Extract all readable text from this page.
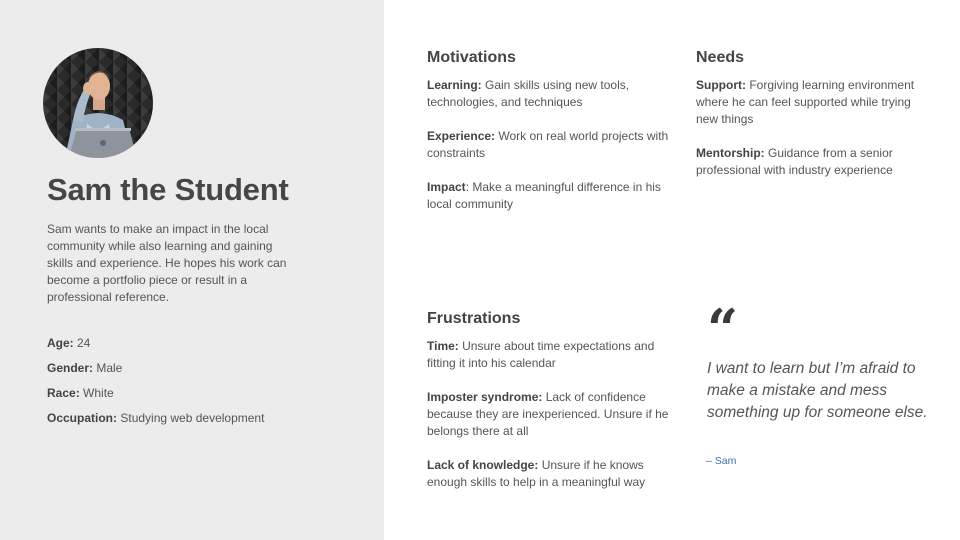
Sam the Student
Sam wants to make an impact in the local community while also learning and gaining skills and experience. He hopes his work can become a portfolio piece or result in a professional reference.
Age: 24
Gender: Male
Race: White
Occupation: Studying web development
Motivations
Learning: Gain skills using new tools, technologies, and techniques
Experience: Work on real world projects with constraints
Impact: Make a meaningful difference in his local community
Needs
Support: Forgiving learning environment where he can feel supported while trying new things
Mentorship: Guidance from a senior professional with industry experience
Frustrations
Time: Unsure about time expectations and fitting it into his calendar
Imposter syndrome: Lack of confidence because they are inexperienced. Unsure if he belongs there at all
Lack of knowledge: Unsure if he knows enough skills to help in a meaningful way
“
I want to learn but I’m afraid to make a mistake and mess something up for someone else.
– Sam
